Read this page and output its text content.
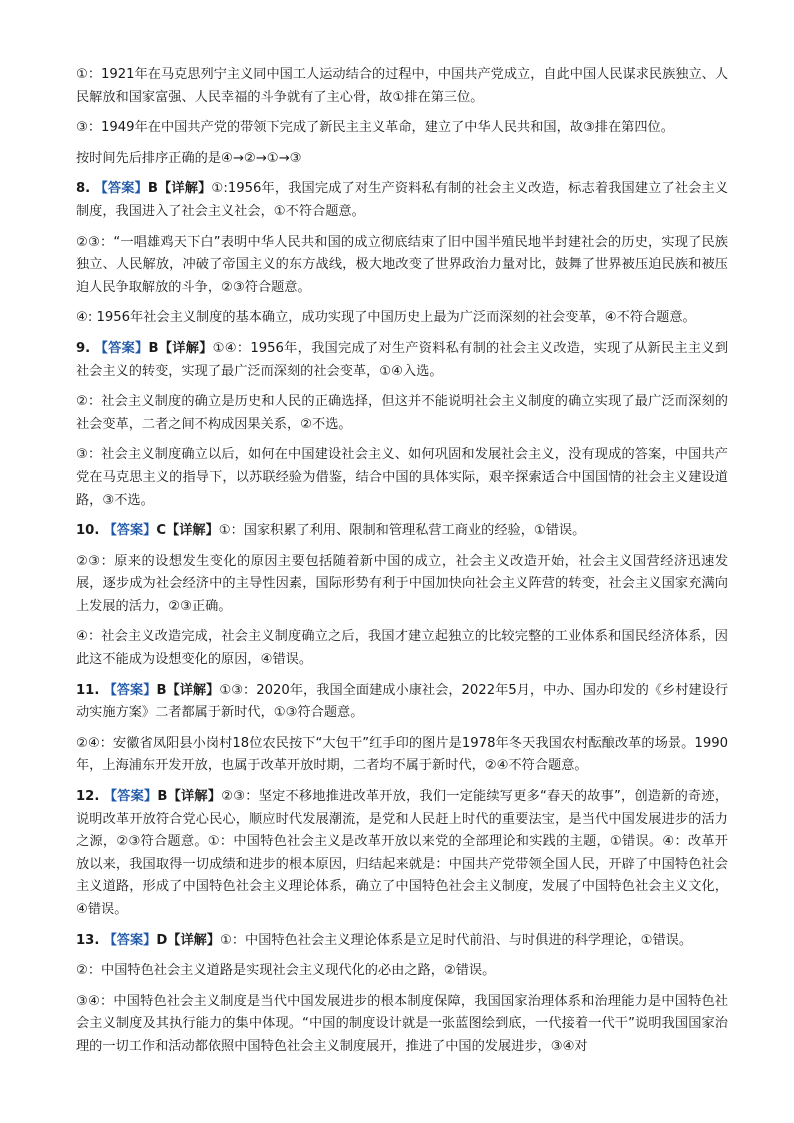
①：1921年在马克思列宁主义同中国工人运动结合的过程中，中国共产党成立，自此中国人民谋求民族独立、人民解放和国家富强、人民幸福的斗争就有了主心骨，故①排在第三位。

③：1949年在中国共产党的带领下完成了新民主主义革命，建立了中华人民共和国，故③排在第四位。

按时间先后排序正确的是④→②→①→③

8. 【答案】B【详解】①:1956年，我国完成了对生产资料私有制的社会主义改造，标志着我国建立了社会主义制度，我国进入了社会主义社会，①不符合题意。

②③：“一唱雄鸡天下白”表明中华人民共和国的成立彻底结束了旧中国半殖民地半封建社会的历史，实现了民族独立、人民解放，冲破了帝国主义的东方战线，极大地改变了世界政治力量对比，鼓舞了世界被压迫民族和被压迫人民争取解放的斗争，②③符合题意。

④: 1956年社会主义制度的基本确立，成功实现了中国历史上最为广泛而深刻的社会变革，④不符合题意。

9. 【答案】B【详解】①④：1956年，我国完成了对生产资料私有制的社会主义改造，实现了从新民主主义到社会主义的转变，实现了最广泛而深刻的社会变革，①④入选。

②：社会主义制度的确立是历史和人民的正确选择，但这并不能说明社会主义制度的确立实现了最广泛而深刻的社会变革，二者之间不构成因果关系，②不选。

③：社会主义制度确立以后，如何在中国建设社会主义、如何巩固和发展社会主义，没有现成的答案，中国共产党在马克思主义的指导下，以苏联经验为借鉴，结合中国的具体实际，艰辛探索适合中国国情的社会主义建设道路，③不选。

10. 【答案】C【详解】①：国家积累了利用、限制和管理私营工商业的经验，①错误。

②③：原来的设想发生变化的原因主要包括随着新中国的成立，社会主义改造开始，社会主义国营经济迅速发展，逐步成为社会经济中的主导性因素，国际形势有利于中国加快向社会主义阵营的转变，社会主义国家充满向上发展的活力，②③正确。

④：社会主义改造完成，社会主义制度确立之后，我国才建立起独立的比较完整的工业体系和国民经济体系，因此这不能成为设想变化的原因，④错误。

11. 【答案】B【详解】①③：2020年，我国全面建成小康社会，2022年5月，中办、国办印发的《乡村建设行动实施方案》二者都属于新时代，①③符合题意。

②④：安徽省凤阳县小岗村18位农民按下“大包干”红手印的图片是1978年冬天我国农村酝酿改革的场景。1990年，上海浦东开发开放，也属于改革开放时期，二者均不属于新时代，②④不符合题意。

12. 【答案】B【详解】②③：坚定不移地推进改革开放，我们一定能续写更多“春天的故事”，创造新的奇迹，说明改革开放符合党心民心，顺应时代发展潮流，是党和人民赶上时代的重要法宝，是当代中国发展进步的活力之源，②③符合题意。①：中国特色社会主义是改革开放以来党的全部理论和实践的主题，①错误。④：改革开放以来，我国取得一切成绩和进步的根本原因，归结起来就是：中国共产党带领全国人民，开辟了中国特色社会主义道路，形成了中国特色社会主义理论体系，确立了中国特色社会主义制度，发展了中国特色社会主义文化，④错误。

13. 【答案】D【详解】①：中国特色社会主义理论体系是立足时代前沿、与时俱进的科学理论，①错误。

②：中国特色社会主义道路是实现社会主义现代化的必由之路，②错误。

③④：中国特色社会主义制度是当代中国发展进步的根本制度保障，我国国家治理体系和治理能力是中国特色社会主义制度及其执行能力的集中体现。“中国的制度设计就是一张蓝图绘到底，一代接着一代干”说明我国国家治理的一切工作和活动都依照中国特色社会主义制度展开，推进了中国的发展进步，③④对
